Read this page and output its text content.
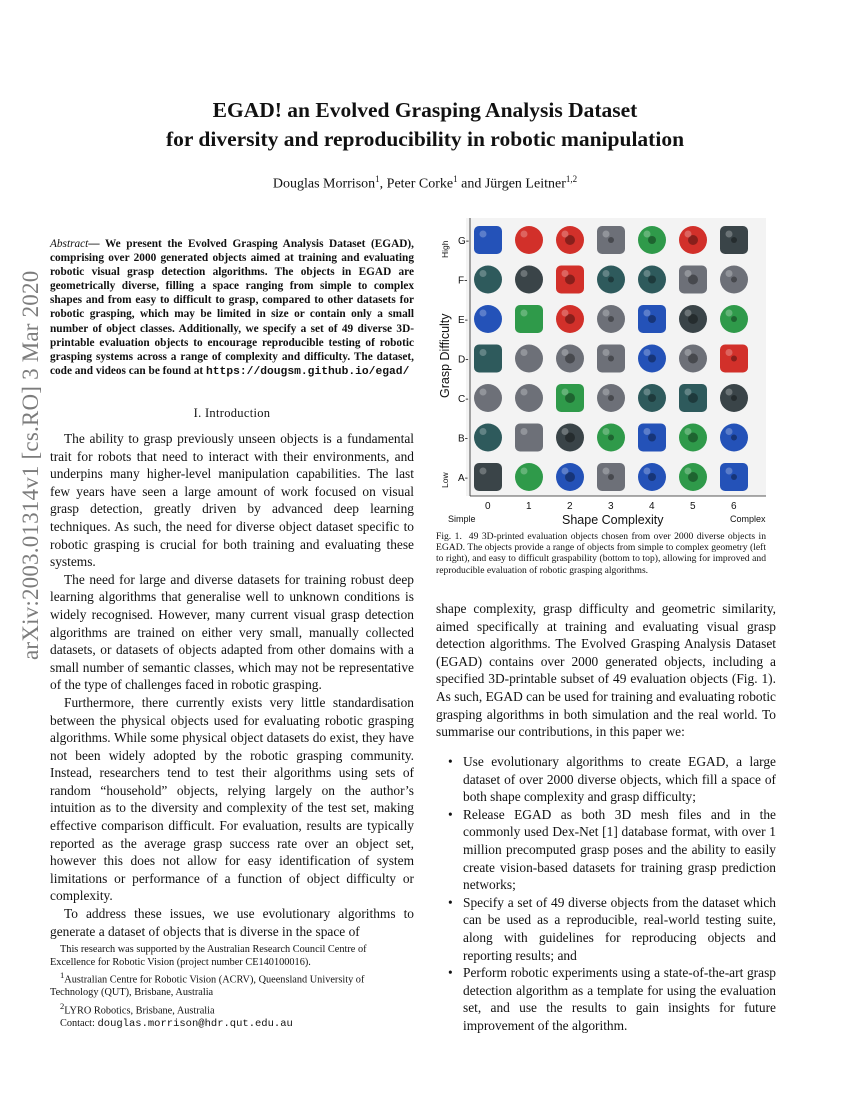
EGAD! an Evolved Grasping Analysis Dataset
for diversity and reproducibility in robotic manipulation
Douglas Morrison$^1$, Peter Corke$^1$ and Jürgen Leitner$^{1,2}$
arXiv:2003.01314v1 [cs.RO] 3 Mar 2020
Abstract— We present the Evolved Grasping Analysis Dataset (EGAD), comprising over 2000 generated objects aimed at training and evaluating robotic visual grasp detection algorithms. The objects in EGAD are geometrically diverse, filling a space ranging from simple to complex shapes and from easy to difficult to grasp, compared to other datasets for robotic grasping, which may be limited in size or contain only a small number of object classes. Additionally, we specify a set of 49 diverse 3D-printable evaluation objects to encourage reproducible testing of robotic grasping systems across a range of complexity and difficulty. The dataset, code and videos can be found at https://dougsm.github.io/egad/
I. Introduction

The ability to grasp previously unseen objects is a fundamental trait for robots that need to interact with their environments, and underpins many higher-level manipulation capabilities. The last few years have seen a large amount of work focused on visual grasp detection, greatly driven by advanced deep learning techniques. As such, the need for diverse object dataset specific to robotic grasping is crucial for both training and evaluating these systems.

The need for large and diverse datasets for training robust deep learning algorithms that generalise well to unknown conditions is widely recognised. However, many current visual grasp detection algorithms are trained on either very small, manually collected datasets, or datasets of objects adapted from other domains with a small number of semantic classes, which may not be representative of the type of challenges faced in robotic grasping.

Furthermore, there currently exists very little standardisation between the physical objects used for evaluating robotic grasping algorithms. While some physical object datasets do exist, they have not been widely adopted by the robotic grasping community. Instead, researchers tend to test their algorithms using sets of random “household” objects, relying largely on the author’s intuition as to the diversity and complexity of the test set, making effective comparison difficult. For evaluation, results are typically reported as the average grasp success rate over an object set, however this does not allow for easy identification of system limitations or performance of a function of object difficulty or complexity.

To address these issues, we use evolutionary algorithms to generate a dataset of objects that is diverse in the space of

This research was supported by the Australian Research Council Centre of Excellence for Robotic Vision (project number CE140100016).
$^1$Australian Centre for Robotic Vision (ACRV), Queensland University of Technology (QUT), Brisbane, Australia
$^2$LYRO Robotics, Brisbane, Australia
Contact: douglas.morrison@hdr.qut.edu.au
Grasp Difficulty
High
Low
G-
F-
E-
D-
C-
B-
A-
0	1	2	3	4	5	6
Simple	Complex
Shape Complexity
Fig. 1. 49 3D-printed evaluation objects chosen from over 2000 diverse objects in EGAD. The objects provide a range of objects from simple to complex geometry (left to right), and easy to difficult graspability (bottom to top), allowing for improved and reproducible evaluation of robotic grasping algorithms.
shape complexity, grasp difficulty and geometric similarity, aimed specifically at training and evaluating visual grasp detection algorithms. The Evolved Grasping Analysis Dataset (EGAD) contains over 2000 generated objects, including a specified 3D-printable subset of 49 evaluation objects (Fig. 1). As such, EGAD can be used for training and evaluating robotic grasping algorithms in both simulation and the real world. To summarise our contributions, in this paper we:
• Use evolutionary algorithms to create EGAD, a large dataset of over 2000 diverse objects, which fill a space of both shape complexity and grasp difficulty;
• Release EGAD as both 3D mesh files and in the commonly used Dex-Net [1] database format, with over 1 million precomputed grasp poses and the ability to easily create vision-based datasets for training grasp prediction networks;
• Specify a set of 49 diverse objects from the dataset which can be used as a reproducible, real-world testing suite, along with guidelines for reproducing objects and reporting results; and
• Perform robotic experiments using a state-of-the-art grasp detection algorithm as a template for using the evaluation set, and use the results to gain insights for future improvement of the algorithm.
